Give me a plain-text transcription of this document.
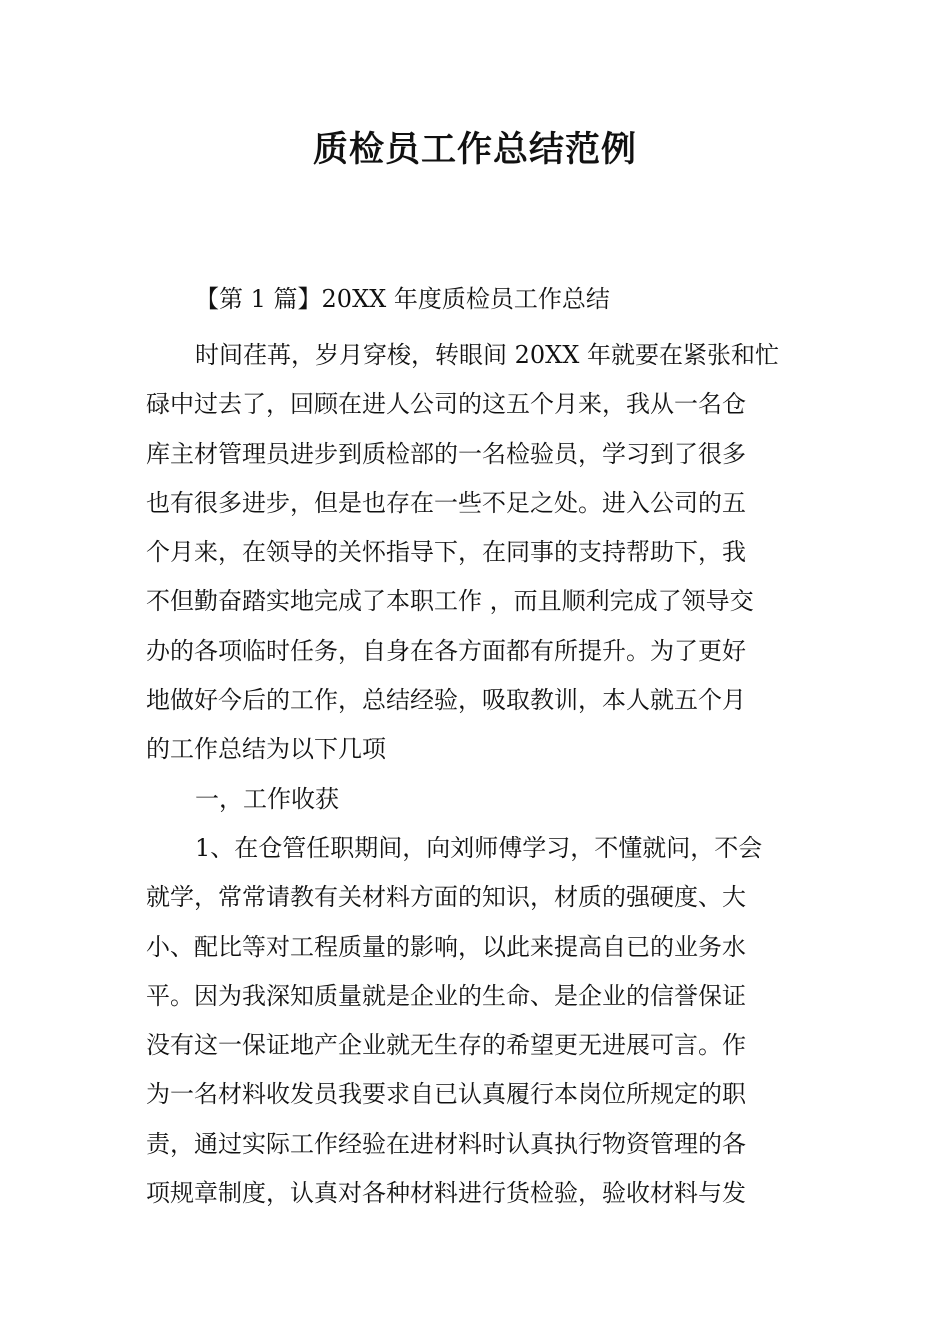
质检员工作总结范例
【第 1 篇】20XX 年度质检员工作总结
时间荏苒，岁月穿梭，转眼间 20XX 年就要在紧张和忙
碌中过去了，回顾在进人公司的这五个月来，我从一名仓
库主材管理员进步到质检部的一名检验员，学习到了很多
也有很多进步，但是也存在一些不足之处。进入公司的五
个月来，在领导的关怀指导下，在同事的支持帮助下，我
不但勤奋踏实地完成了本职工作 ，而且顺利完成了领导交
办的各项临时任务，自身在各方面都有所提升。为了更好
地做好今后的工作，总结经验，吸取教训，本人就五个月
的工作总结为以下几项
一，工作收获
1、在仓管任职期间，向刘师傅学习，不懂就问，不会
就学，常常请教有关材料方面的知识，材质的强硬度、大
小、配比等对工程质量的影响，以此来提高自已的业务水
平。因为我深知质量就是企业的生命、是企业的信誉保证
没有这一保证地产企业就无生存的希望更无进展可言。作
为一名材料收发员我要求自已认真履行本岗位所规定的职
责，通过实际工作经验在进材料时认真执行物资管理的各
项规章制度，认真对各种材料进行货检验，验收材料与发
